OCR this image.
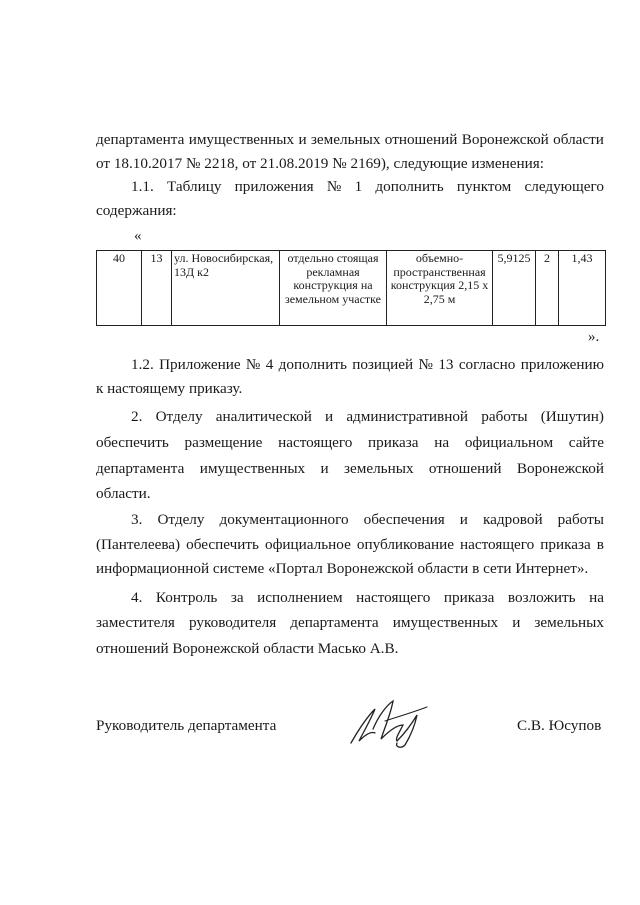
департамента имущественных и земельных отношений Воронежской области
от 18.10.2017 № 2218, от 21.08.2019 № 2169), следующие изменения:
1.1. Таблицу приложения № 1 дополнить пунктом следующего
содержания:
«
40	13	ул. Новосибирская, 13Д к2	отдельно стоящая рекламная конструкция на земельном участке	объемно-пространственная конструкция 2,15 х 2,75 м	5,9125	2	1,43
».
1.2. Приложение № 4 дополнить позицией № 13 согласно приложению
к настоящему приказу.
2. Отделу аналитической и административной работы (Ишутин)
обеспечить размещение настоящего приказа на официальном сайте
департамента имущественных и земельных отношений Воронежской
области.
3. Отделу документационного обеспечения и кадровой работы
(Пантелеева) обеспечить официальное опубликование настоящего приказа в
информационной системе «Портал Воронежской области в сети Интернет».
4. Контроль за исполнением настоящего приказа возложить на
заместителя руководителя департамента имущественных и земельных
отношений Воронежской области Масько А.В.
Руководитель департамента	С.В. Юсупов
